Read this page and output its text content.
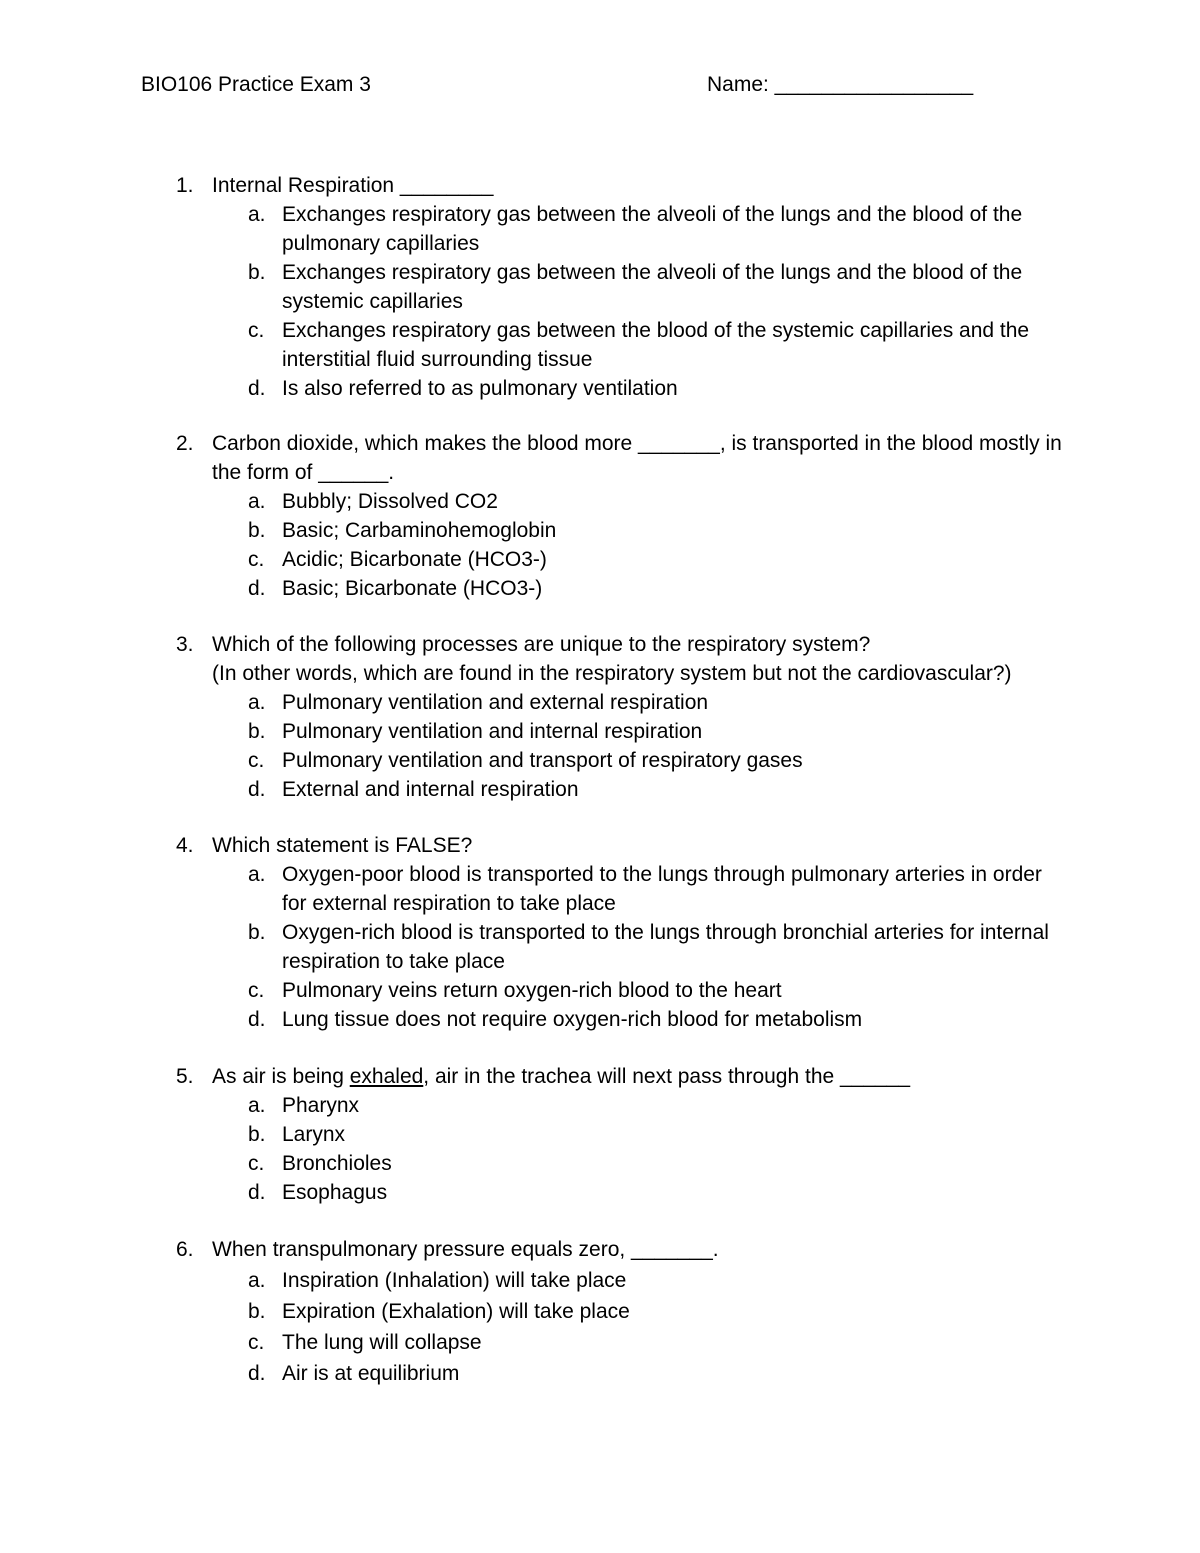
BIO106 Practice Exam 3	Name: _________________
1. Internal Respiration ________
a. Exchanges respiratory gas between the alveoli of the lungs and the blood of the pulmonary capillaries
b. Exchanges respiratory gas between the alveoli of the lungs and the blood of the systemic capillaries
c. Exchanges respiratory gas between the blood of the systemic capillaries and the interstitial fluid surrounding tissue
d. Is also referred to as pulmonary ventilation
2. Carbon dioxide, which makes the blood more _______, is transported in the blood mostly in the form of ______.
a. Bubbly; Dissolved CO2
b. Basic; Carbaminohemoglobin
c. Acidic; Bicarbonate (HCO3-)
d. Basic; Bicarbonate (HCO3-)
3. Which of the following processes are unique to the respiratory system?
(In other words, which are found in the respiratory system but not the cardiovascular?)
a. Pulmonary ventilation and external respiration
b. Pulmonary ventilation and internal respiration
c. Pulmonary ventilation and transport of respiratory gases
d. External and internal respiration
4. Which statement is FALSE?
a. Oxygen-poor blood is transported to the lungs through pulmonary arteries in order for external respiration to take place
b. Oxygen-rich blood is transported to the lungs through bronchial arteries for internal respiration to take place
c. Pulmonary veins return oxygen-rich blood to the heart
d. Lung tissue does not require oxygen-rich blood for metabolism
5. As air is being exhaled, air in the trachea will next pass through the ______
a. Pharynx
b. Larynx
c. Bronchioles
d. Esophagus
6. When transpulmonary pressure equals zero, _______.
a. Inspiration (Inhalation) will take place
b. Expiration (Exhalation) will take place
c. The lung will collapse
d. Air is at equilibrium
